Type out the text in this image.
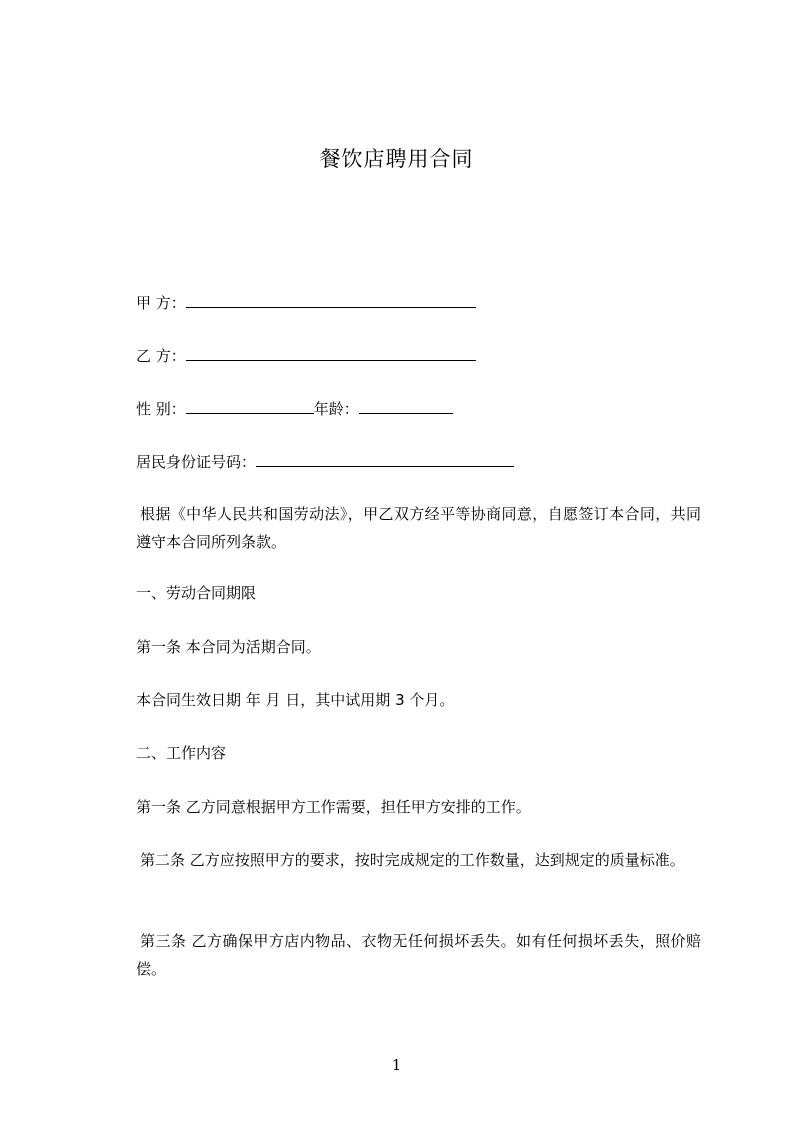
餐饮店聘用合同
甲 方：
乙 方：
性 别：	年龄：
居民身份证号码：
根据《中华人民共和国劳动法》，甲乙双方经平等协商同意，自愿签订本合同，共同遵守本合同所列条款。
一、劳动合同期限
第一条 本合同为活期合同。
本合同生效日期 年 月 日，其中试用期 3 个月。
二、工作内容
第一条 乙方同意根据甲方工作需要，担任甲方安排的工作。
第二条 乙方应按照甲方的要求，按时完成规定的工作数量，达到规定的质量标准。
第三条 乙方确保甲方店内物品、衣物无任何损坏丢失。如有任何损坏丢失，照价赔偿。
1
